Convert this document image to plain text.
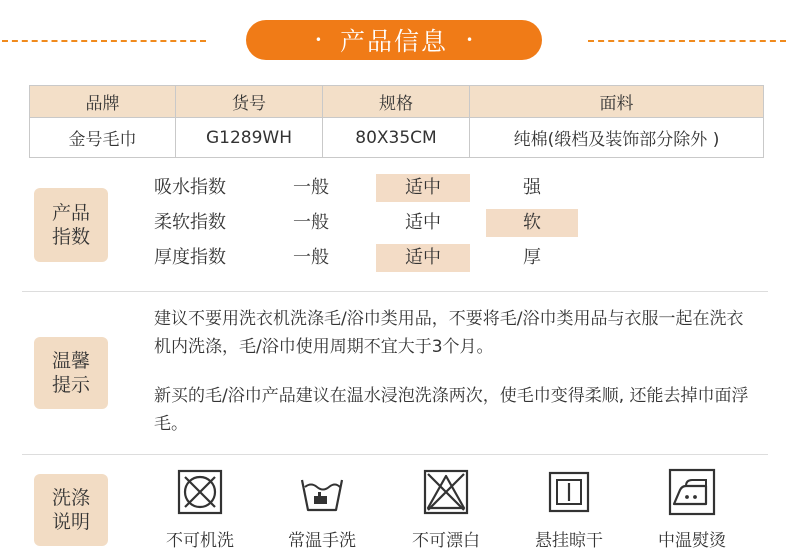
• 产品信息 •
品牌	货号	规格	面料
金号毛巾	G1289WH	80X35CM	纯棉(缎档及装饰部分除外 )
产品
指数
吸水指数	一般	适中	强
柔软指数	一般	适中	软
厚度指数	一般	适中	厚
温馨
提示

建议不要用洗衣机洗涤毛/浴巾类用品，不要将毛/浴巾类用品与衣服一起在洗衣机内洗涤，毛/浴巾使用周期不宜大于3个月。

新买的毛/浴巾产品建议在温水浸泡洗涤两次，使毛巾变得柔顺, 还能去掉巾面浮毛。

洗涤
说明
不可机洗	常温手洗	不可漂白	悬挂晾干	中温熨烫
